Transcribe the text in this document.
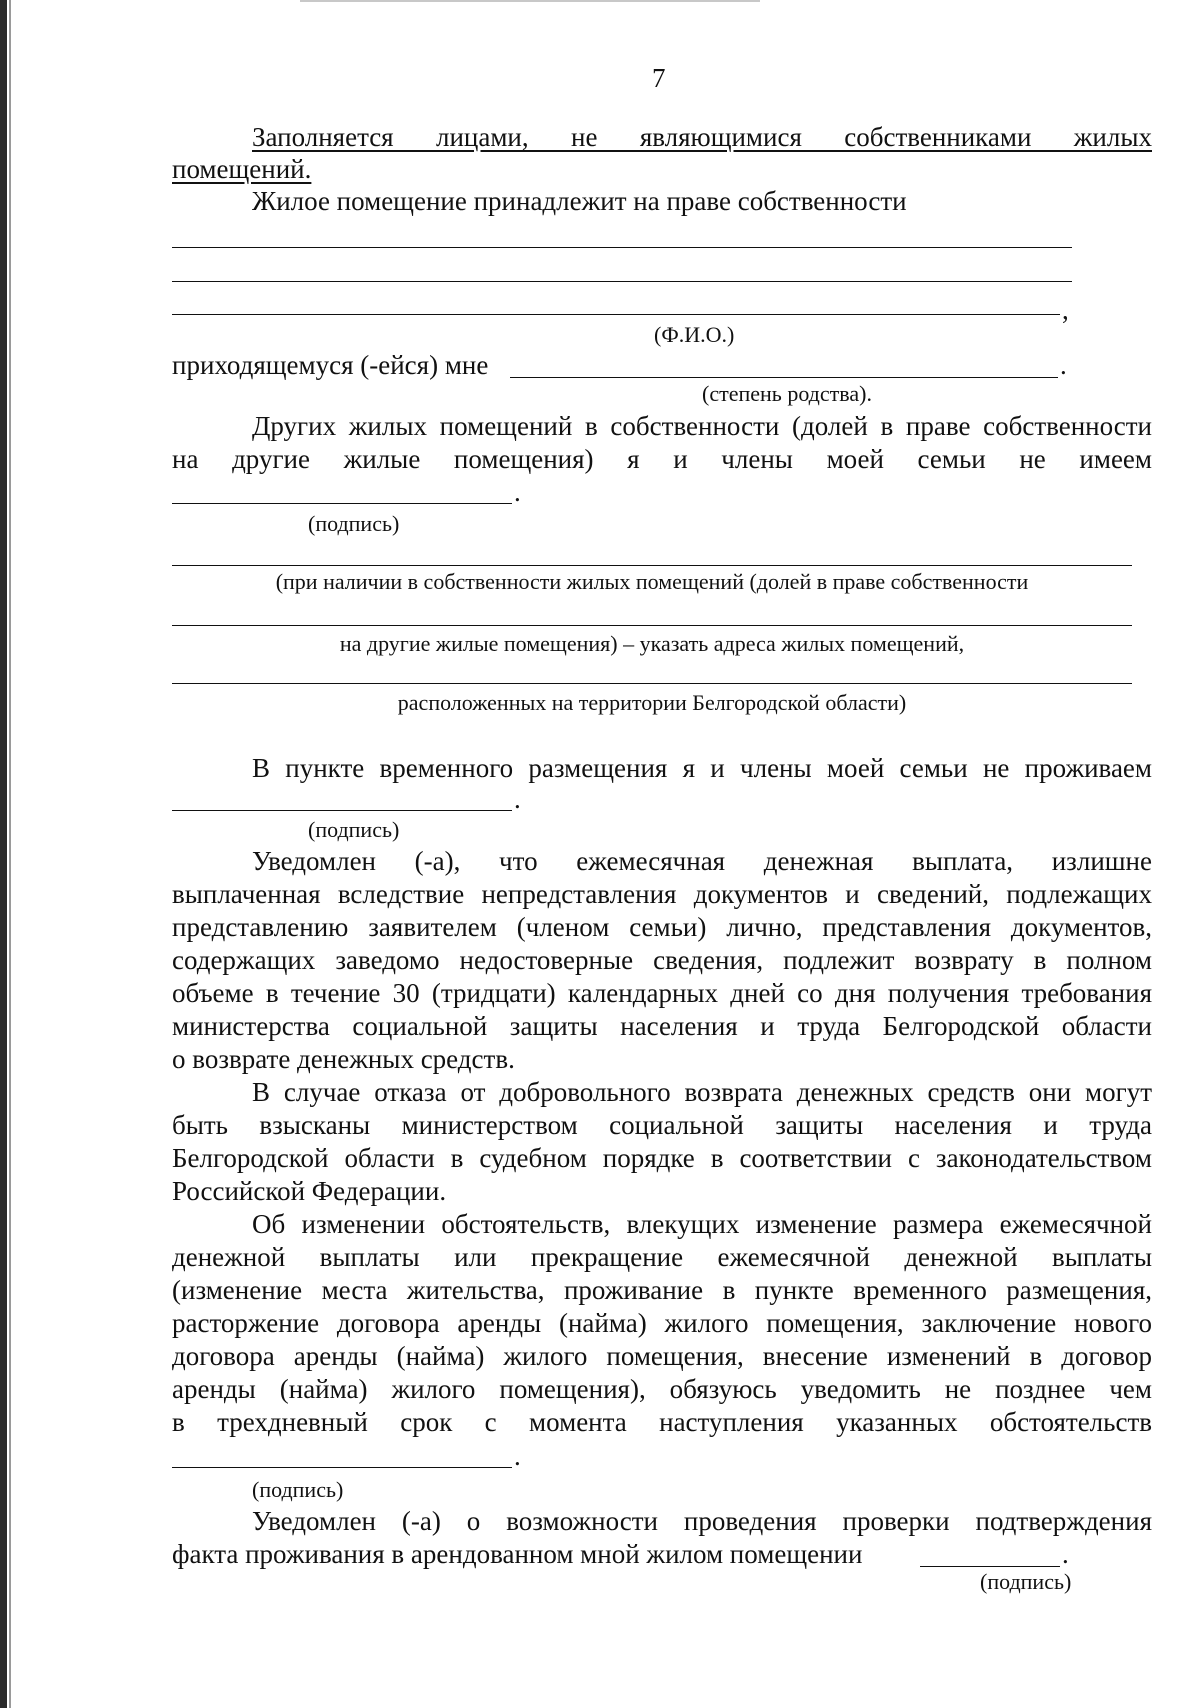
7
Заполняется лицами, не являющимися собственниками жилых
помещений.
Жилое помещение принадлежит на праве собственности
,
(Ф.И.О.)
приходящемуся (-ейся) мне	.
(степень родства).
Других жилых помещений в собственности (долей в праве собственности
на другие жилые помещения) я и члены моей семьи не имеем
.
(подпись)
(при наличии в собственности жилых помещений (долей в праве собственности
на другие жилые помещения) – указать адреса жилых помещений,
расположенных на территории Белгородской области)
В пункте временного размещения я и члены моей семьи не проживаем
.
(подпись)
Уведомлен (-а), что ежемесячная денежная выплата, излишне
выплаченная вследствие непредставления документов и сведений, подлежащих
представлению заявителем (членом семьи) лично, представления документов,
содержащих заведомо недостоверные сведения, подлежит возврату в полном
объеме в течение 30 (тридцати) календарных дней со дня получения требования
министерства социальной защиты населения и труда Белгородской области
о возврате денежных средств.
В случае отказа от добровольного возврата денежных средств они могут
быть взысканы министерством социальной защиты населения и труда
Белгородской области в судебном порядке в соответствии с законодательством
Российской Федерации.
Об изменении обстоятельств, влекущих изменение размера ежемесячной
денежной выплаты или прекращение ежемесячной денежной выплаты
(изменение места жительства, проживание в пункте временного размещения,
расторжение договора аренды (найма) жилого помещения, заключение нового
договора аренды (найма) жилого помещения, внесение изменений в договор
аренды (найма) жилого помещения), обязуюсь уведомить не позднее чем
в трехдневный срок с момента наступления указанных обстоятельств
.
(подпись)
Уведомлен (-а) о возможности проведения проверки подтверждения
факта проживания в арендованном мной жилом помещении	.
(подпись)
